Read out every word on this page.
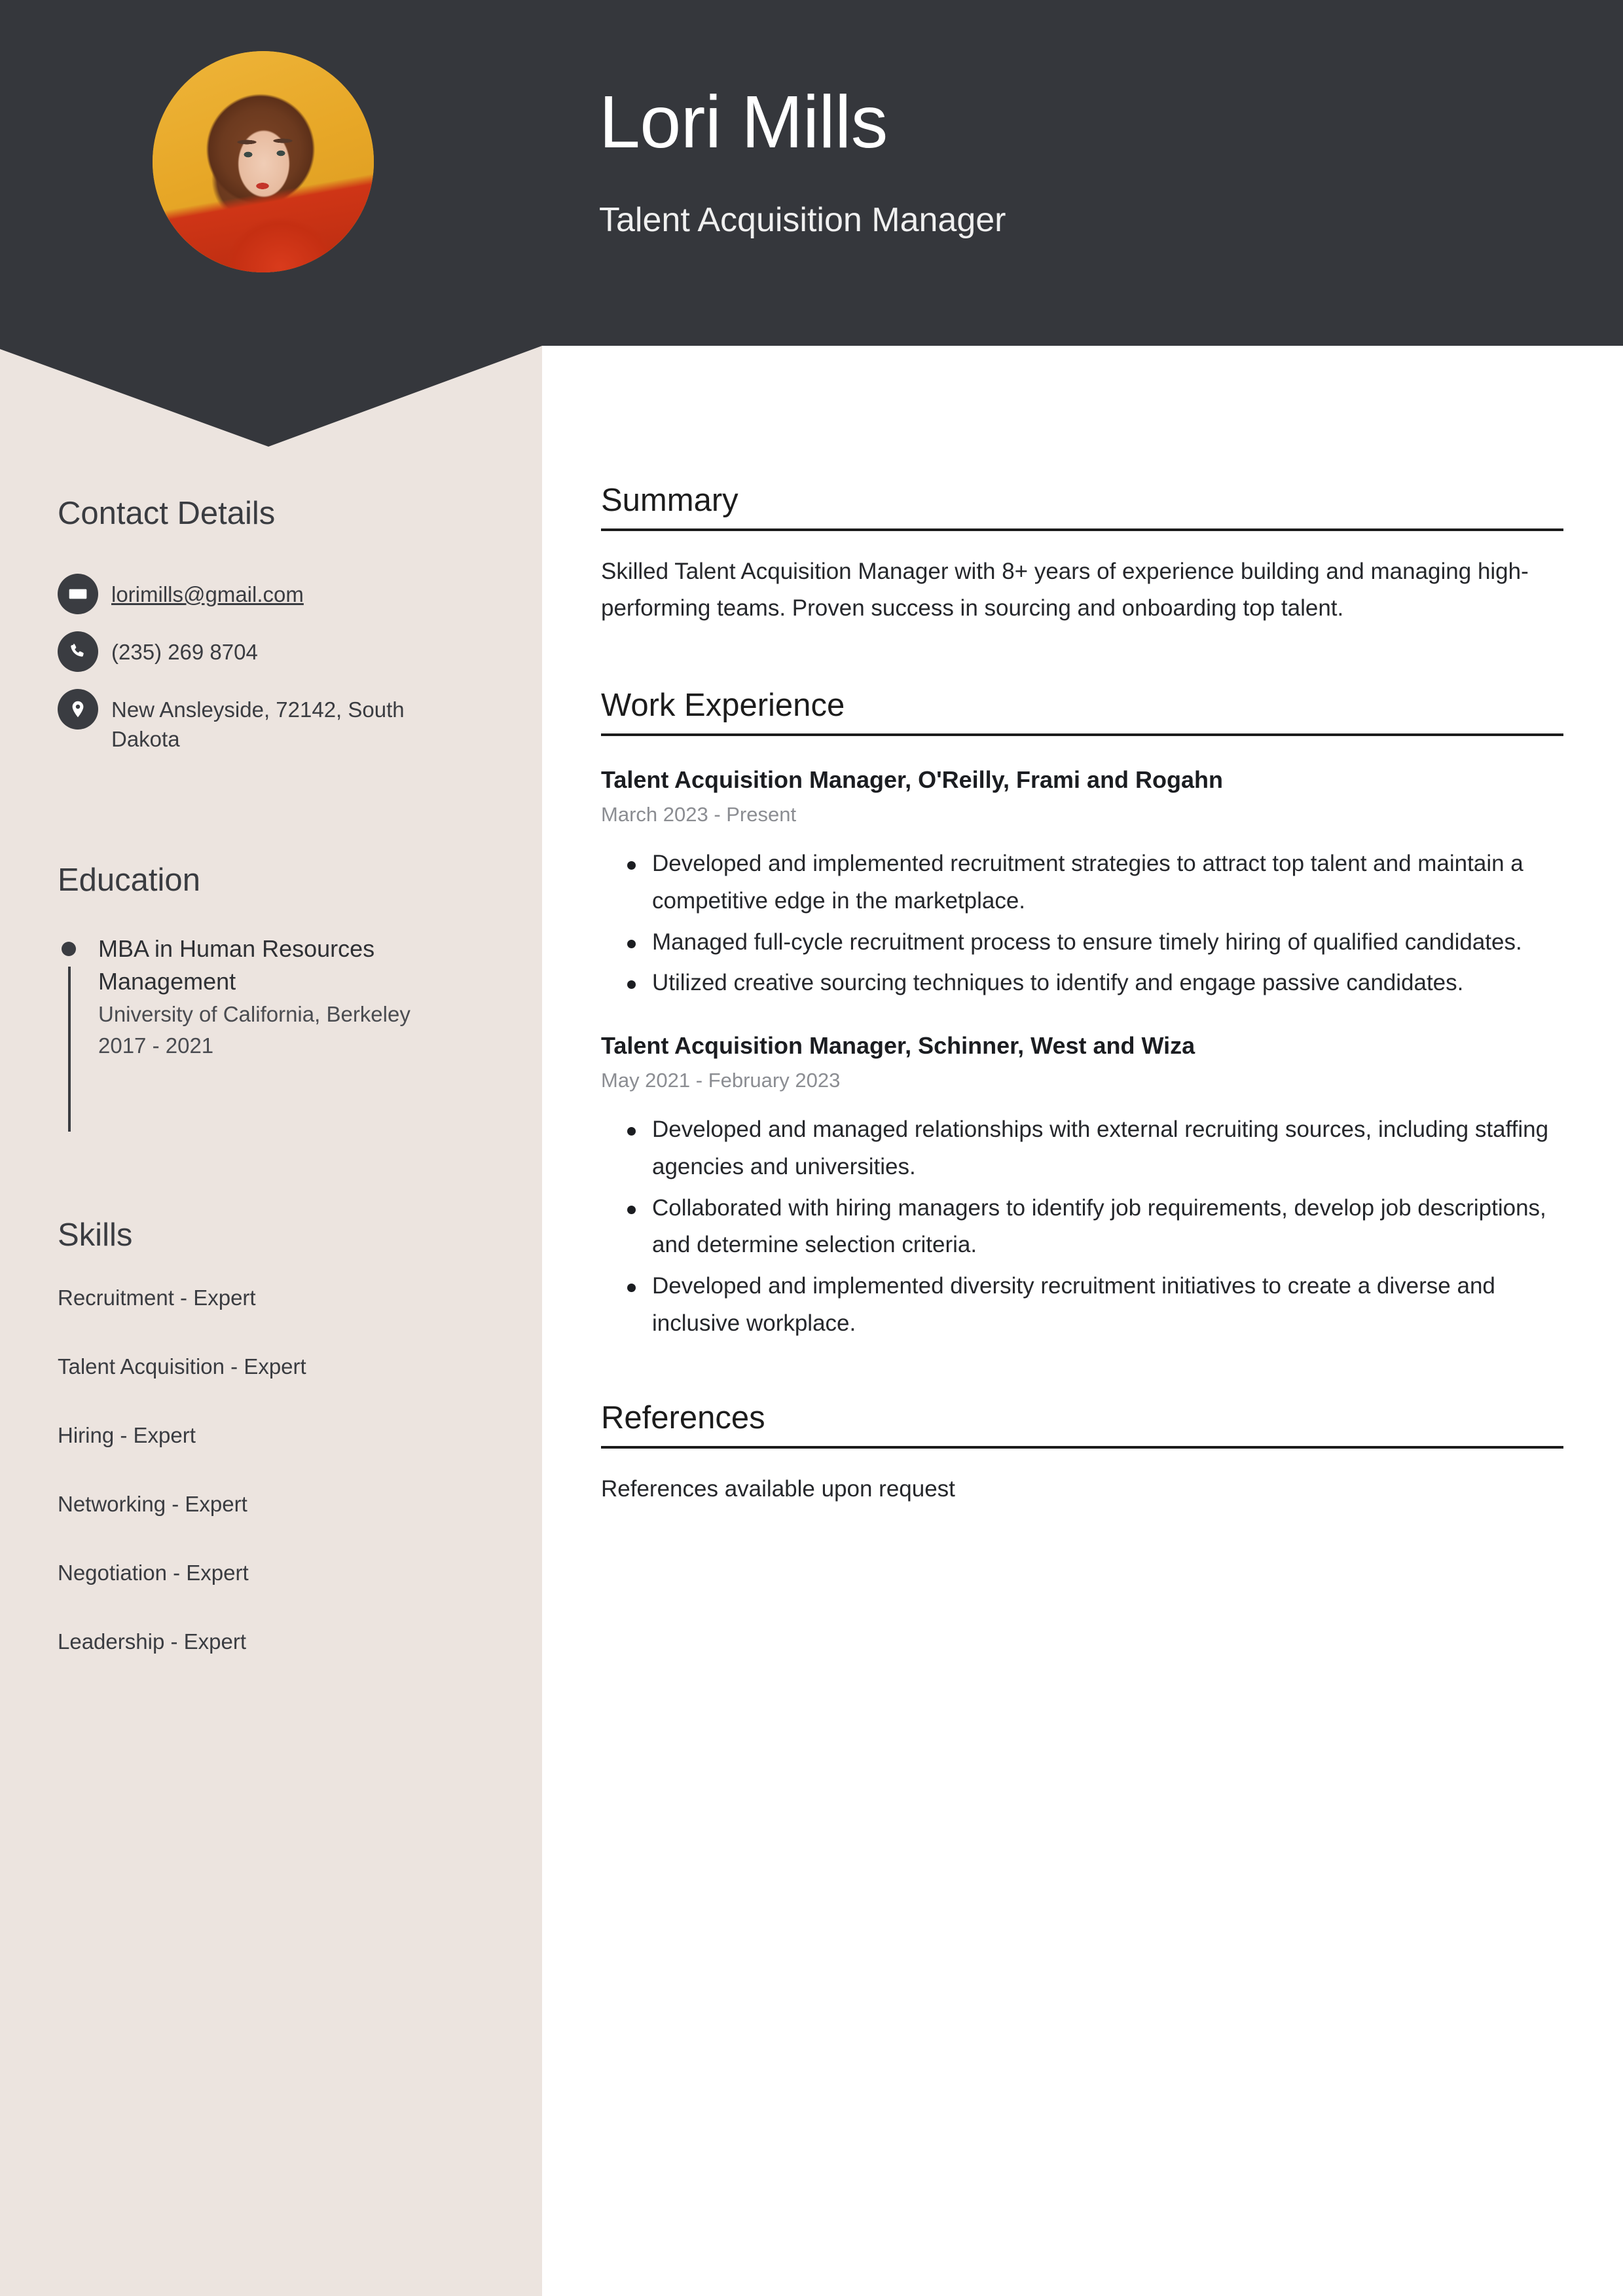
Lori Mills
Talent Acquisition Manager
Contact Details
lorimills@gmail.com
(235) 269 8704
New Ansleyside, 72142, South Dakota
Education
MBA in Human Resources Management
University of California, Berkeley
2017 - 2021
Skills
Recruitment - Expert
Talent Acquisition - Expert
Hiring - Expert
Networking - Expert
Negotiation - Expert
Leadership - Expert
Summary
Skilled Talent Acquisition Manager with 8+ years of experience building and managing high-performing teams. Proven success in sourcing and onboarding top talent.
Work Experience
Talent Acquisition Manager, O'Reilly, Frami and Rogahn
March 2023 - Present
Developed and implemented recruitment strategies to attract top talent and maintain a competitive edge in the marketplace.
Managed full-cycle recruitment process to ensure timely hiring of qualified candidates.
Utilized creative sourcing techniques to identify and engage passive candidates.
Talent Acquisition Manager, Schinner, West and Wiza
May 2021 - February 2023
Developed and managed relationships with external recruiting sources, including staffing agencies and universities.
Collaborated with hiring managers to identify job requirements, develop job descriptions, and determine selection criteria.
Developed and implemented diversity recruitment initiatives to create a diverse and inclusive workplace.
References
References available upon request
